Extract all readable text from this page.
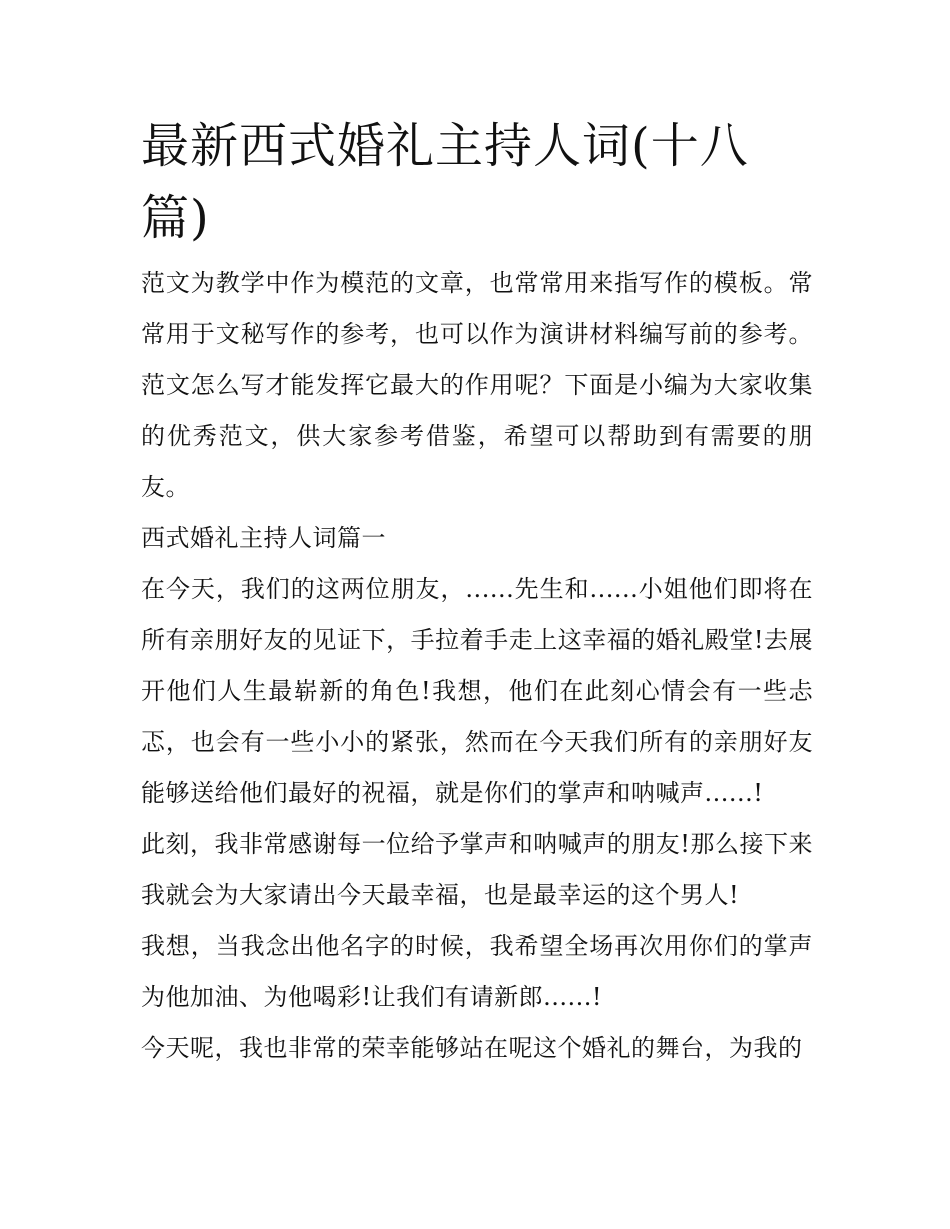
最新西式婚礼主持人词(十八篇)

范文为教学中作为模范的文章，也常常用来指写作的模板。常常用于文秘写作的参考，也可以作为演讲材料编写前的参考。范文怎么写才能发挥它最大的作用呢？下面是小编为大家收集的优秀范文，供大家参考借鉴，希望可以帮助到有需要的朋友。

西式婚礼主持人词篇一

在今天，我们的这两位朋友，......先生和......小姐他们即将在所有亲朋好友的见证下，手拉着手走上这幸福的婚礼殿堂!去展开他们人生最崭新的角色!我想，他们在此刻心情会有一些忐忑，也会有一些小小的紧张，然而在今天我们所有的亲朋好友能够送给他们最好的祝福，就是你们的掌声和呐喊声......!

此刻，我非常感谢每一位给予掌声和呐喊声的朋友!那么接下来我就会为大家请出今天最幸福，也是最幸运的这个男人!

我想，当我念出他名字的时候，我希望全场再次用你们的掌声为他加油、为他喝彩!让我们有请新郎......!

今天呢，我也非常的荣幸能够站在呢这个婚礼的舞台，为我的
